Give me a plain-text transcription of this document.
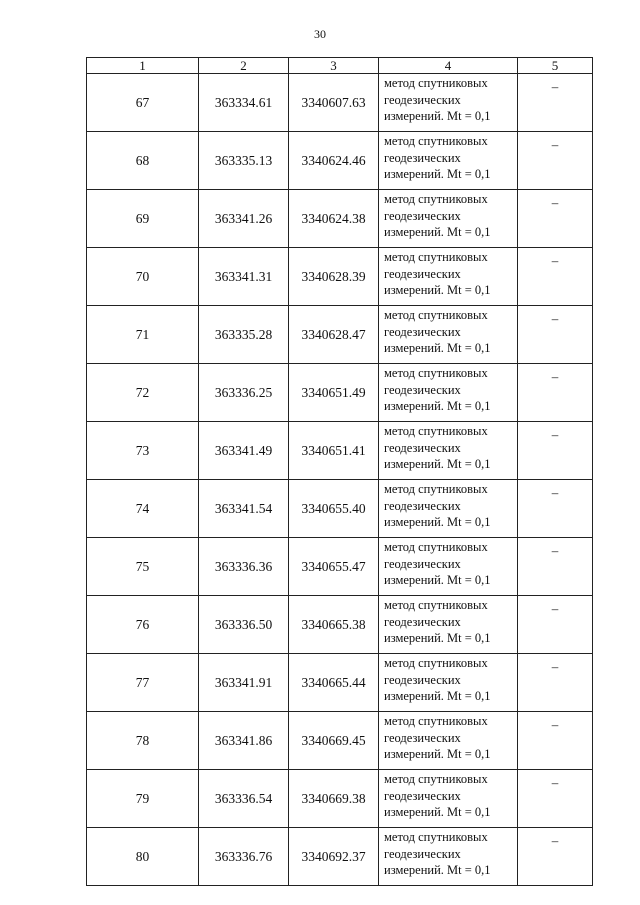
30
1	2	3	4	5
67	363334.61	3340607.63	метод спутниковых
геодезических
измерений. Mt = 0,1	–
68	363335.13	3340624.46	метод спутниковых
геодезических
измерений. Mt = 0,1	–
69	363341.26	3340624.38	метод спутниковых
геодезических
измерений. Mt = 0,1	–
70	363341.31	3340628.39	метод спутниковых
геодезических
измерений. Mt = 0,1	–
71	363335.28	3340628.47	метод спутниковых
геодезических
измерений. Mt = 0,1	–
72	363336.25	3340651.49	метод спутниковых
геодезических
измерений. Mt = 0,1	–
73	363341.49	3340651.41	метод спутниковых
геодезических
измерений. Mt = 0,1	–
74	363341.54	3340655.40	метод спутниковых
геодезических
измерений. Mt = 0,1	–
75	363336.36	3340655.47	метод спутниковых
геодезических
измерений. Mt = 0,1	–
76	363336.50	3340665.38	метод спутниковых
геодезических
измерений. Mt = 0,1	–
77	363341.91	3340665.44	метод спутниковых
геодезических
измерений. Mt = 0,1	–
78	363341.86	3340669.45	метод спутниковых
геодезических
измерений. Mt = 0,1	–
79	363336.54	3340669.38	метод спутниковых
геодезических
измерений. Mt = 0,1	–
80	363336.76	3340692.37	метод спутниковых
геодезических
измерений. Mt = 0,1	–
